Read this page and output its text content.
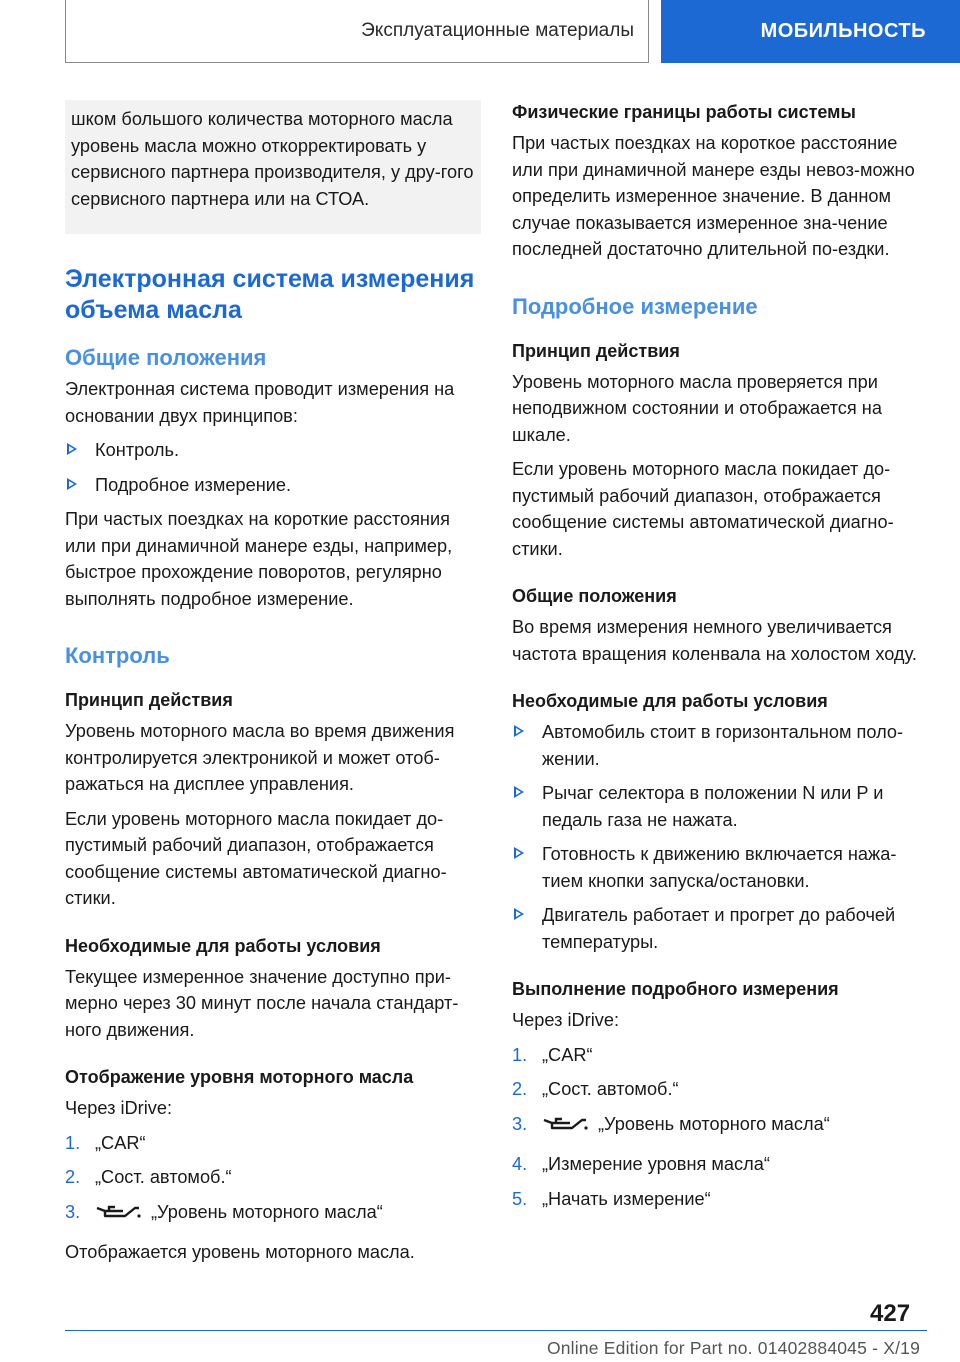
Эксплуатационные материалы	МОБИЛЬНОСТЬ

шком большого количества моторного масла уровень масла можно откорректировать у сервисного партнера производителя, у дру-гого сервисного партнера или на СТОА.

Электронная система измерения объема масла
Общие положения

Электронная система проводит измерения на основании двух принципов:

Контроль.
Подробное измерение.

При частых поездках на короткие расстояния или при динамичной манере езды, например, быстрое прохождение поворотов, регулярно выполнять подробное измерение.

Контроль
Принцип действия

Уровень моторного масла во время движения контролируется электроникой и может отоб-ражаться на дисплее управления.

Если уровень моторного масла покидает до-пустимый рабочий диапазон, отображается сообщение системы автоматической диагно-стики.

Необходимые для работы условия

Текущее измеренное значение доступно при-мерно через 30 минут после начала стандарт-ного движения.

Отображение уровня моторного масла

Через iDrive:

1. „CAR“
2. „Сост. автомоб.“
3.	„Уровень моторного масла“

Отображается уровень моторного масла.

Физические границы работы системы

При частых поездках на короткое расстояние или при динамичной манере езды невоз-можно определить измеренное значение. В данном случае показывается измеренное зна-чение последней достаточно длительной по-ездки.

Подробное измерение
Принцип действия

Уровень моторного масла проверяется при неподвижном состоянии и отображается на шкале.

Если уровень моторного масла покидает до-пустимый рабочий диапазон, отображается сообщение системы автоматической диагно-стики.

Общие положения

Во время измерения немного увеличивается частота вращения коленвала на холостом ходу.

Необходимые для работы условия
Автомобиль стоит в горизонтальном поло-жении.
Рычаг селектора в положении N или P и педаль газа не нажата.
Готовность к движению включается нажа-тием кнопки запуска/остановки.
Двигатель работает и прогрет до рабочей температуры.
Выполнение подробного измерения

Через iDrive:

1. „CAR“
2. „Сост. автомоб.“
3.	„Уровень моторного масла“
4. „Измерение уровня масла“
5. „Начать измерение“
427
Online Edition for Part no. 01402884045 - X/19
